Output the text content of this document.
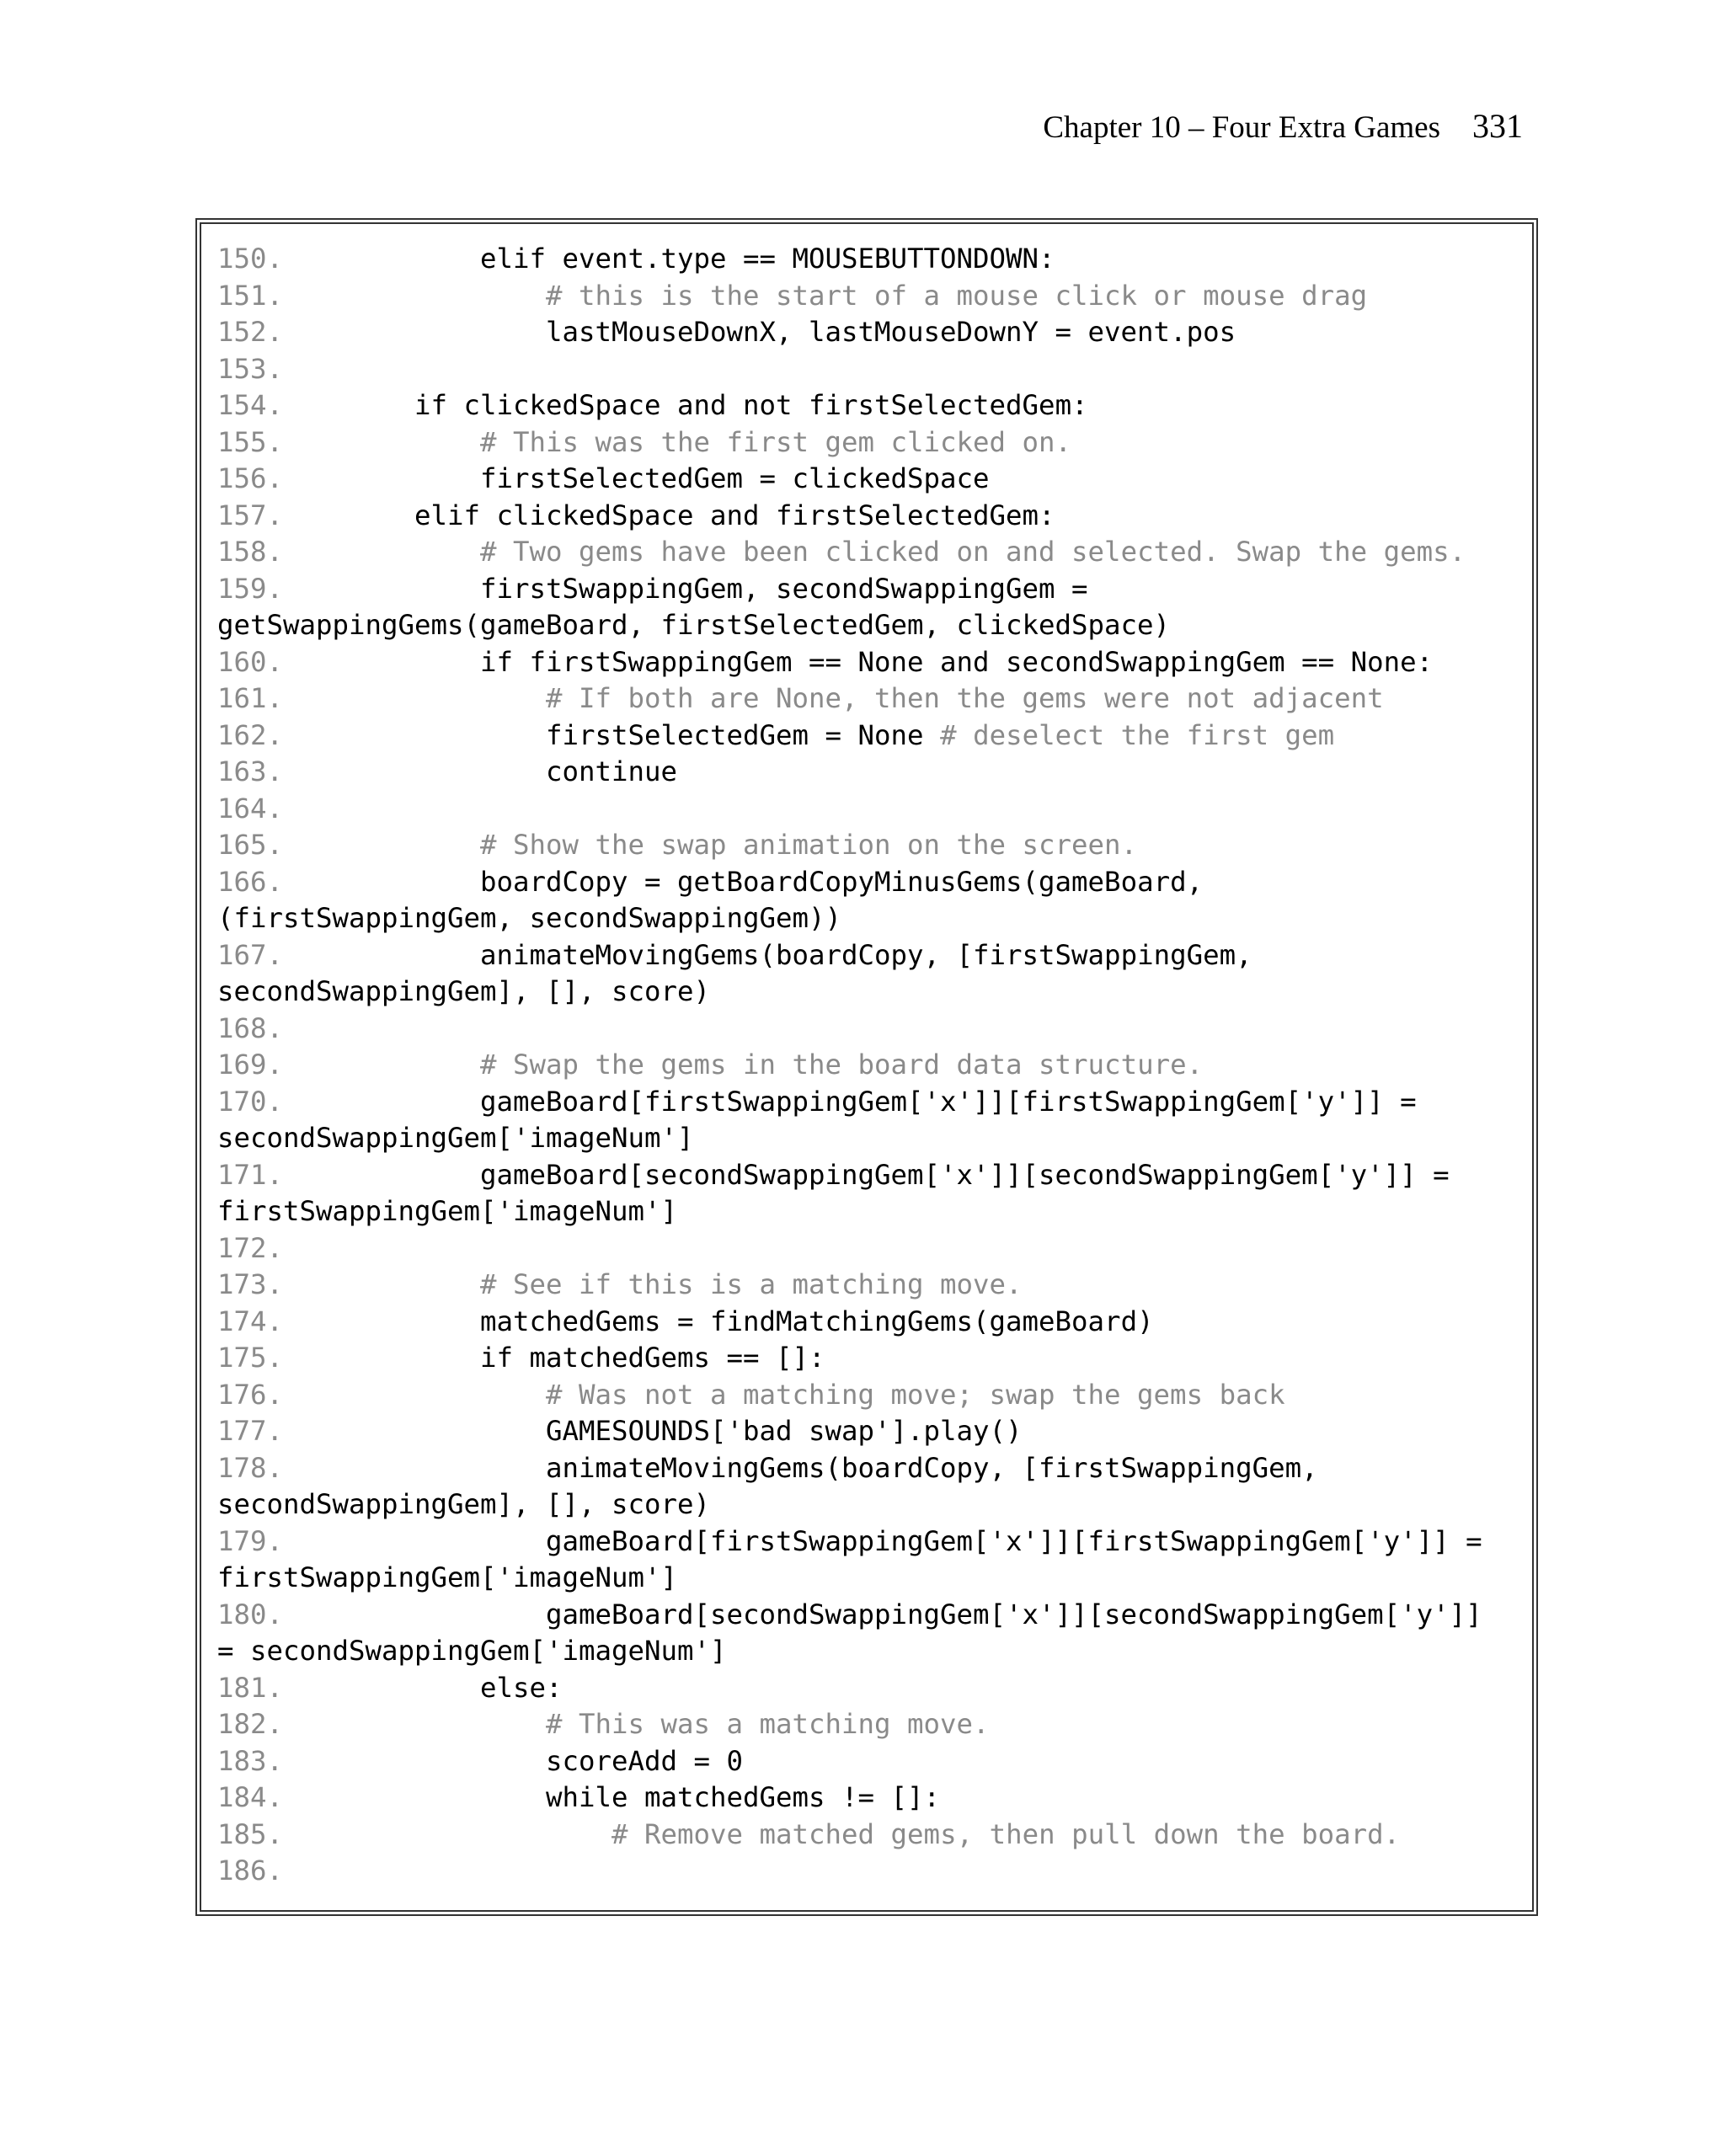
Chapter 10 – Four Extra Games 331
150.	elif event.type == MOUSEBUTTONDOWN:
151.	# this is the start of a mouse click or mouse drag
152.	lastMouseDownX, lastMouseDownY = event.pos
153.
154.	if clickedSpace and not firstSelectedGem:
155.	# This was the first gem clicked on.
156.	firstSelectedGem = clickedSpace
157.	elif clickedSpace and firstSelectedGem:
158.	# Two gems have been clicked on and selected. Swap the gems.
159.	firstSwappingGem, secondSwappingGem =
getSwappingGems(gameBoard, firstSelectedGem, clickedSpace)
160.	if firstSwappingGem == None and secondSwappingGem == None:
161.	# If both are None, then the gems were not adjacent
162.	firstSelectedGem = None # deselect the first gem
163.	continue
164.
165.	# Show the swap animation on the screen.
166.	boardCopy = getBoardCopyMinusGems(gameBoard,
(firstSwappingGem, secondSwappingGem))
167.	animateMovingGems(boardCopy, [firstSwappingGem,
secondSwappingGem], [], score)
168.
169.	# Swap the gems in the board data structure.
170.	gameBoard[firstSwappingGem['x']][firstSwappingGem['y']] =
secondSwappingGem['imageNum']
171.	gameBoard[secondSwappingGem['x']][secondSwappingGem['y']] =
firstSwappingGem['imageNum']
172.
173.	# See if this is a matching move.
174.	matchedGems = findMatchingGems(gameBoard)
175.	if matchedGems == []:
176.	# Was not a matching move; swap the gems back
177.	GAMESOUNDS['bad swap'].play()
178.	animateMovingGems(boardCopy, [firstSwappingGem,
secondSwappingGem], [], score)
179.	gameBoard[firstSwappingGem['x']][firstSwappingGem['y']] =
firstSwappingGem['imageNum']
180.	gameBoard[secondSwappingGem['x']][secondSwappingGem['y']]
= secondSwappingGem['imageNum']
181.	else:
182.	# This was a matching move.
183.	scoreAdd = 0
184.	while matchedGems != []:
185.	# Remove matched gems, then pull down the board.
186.
